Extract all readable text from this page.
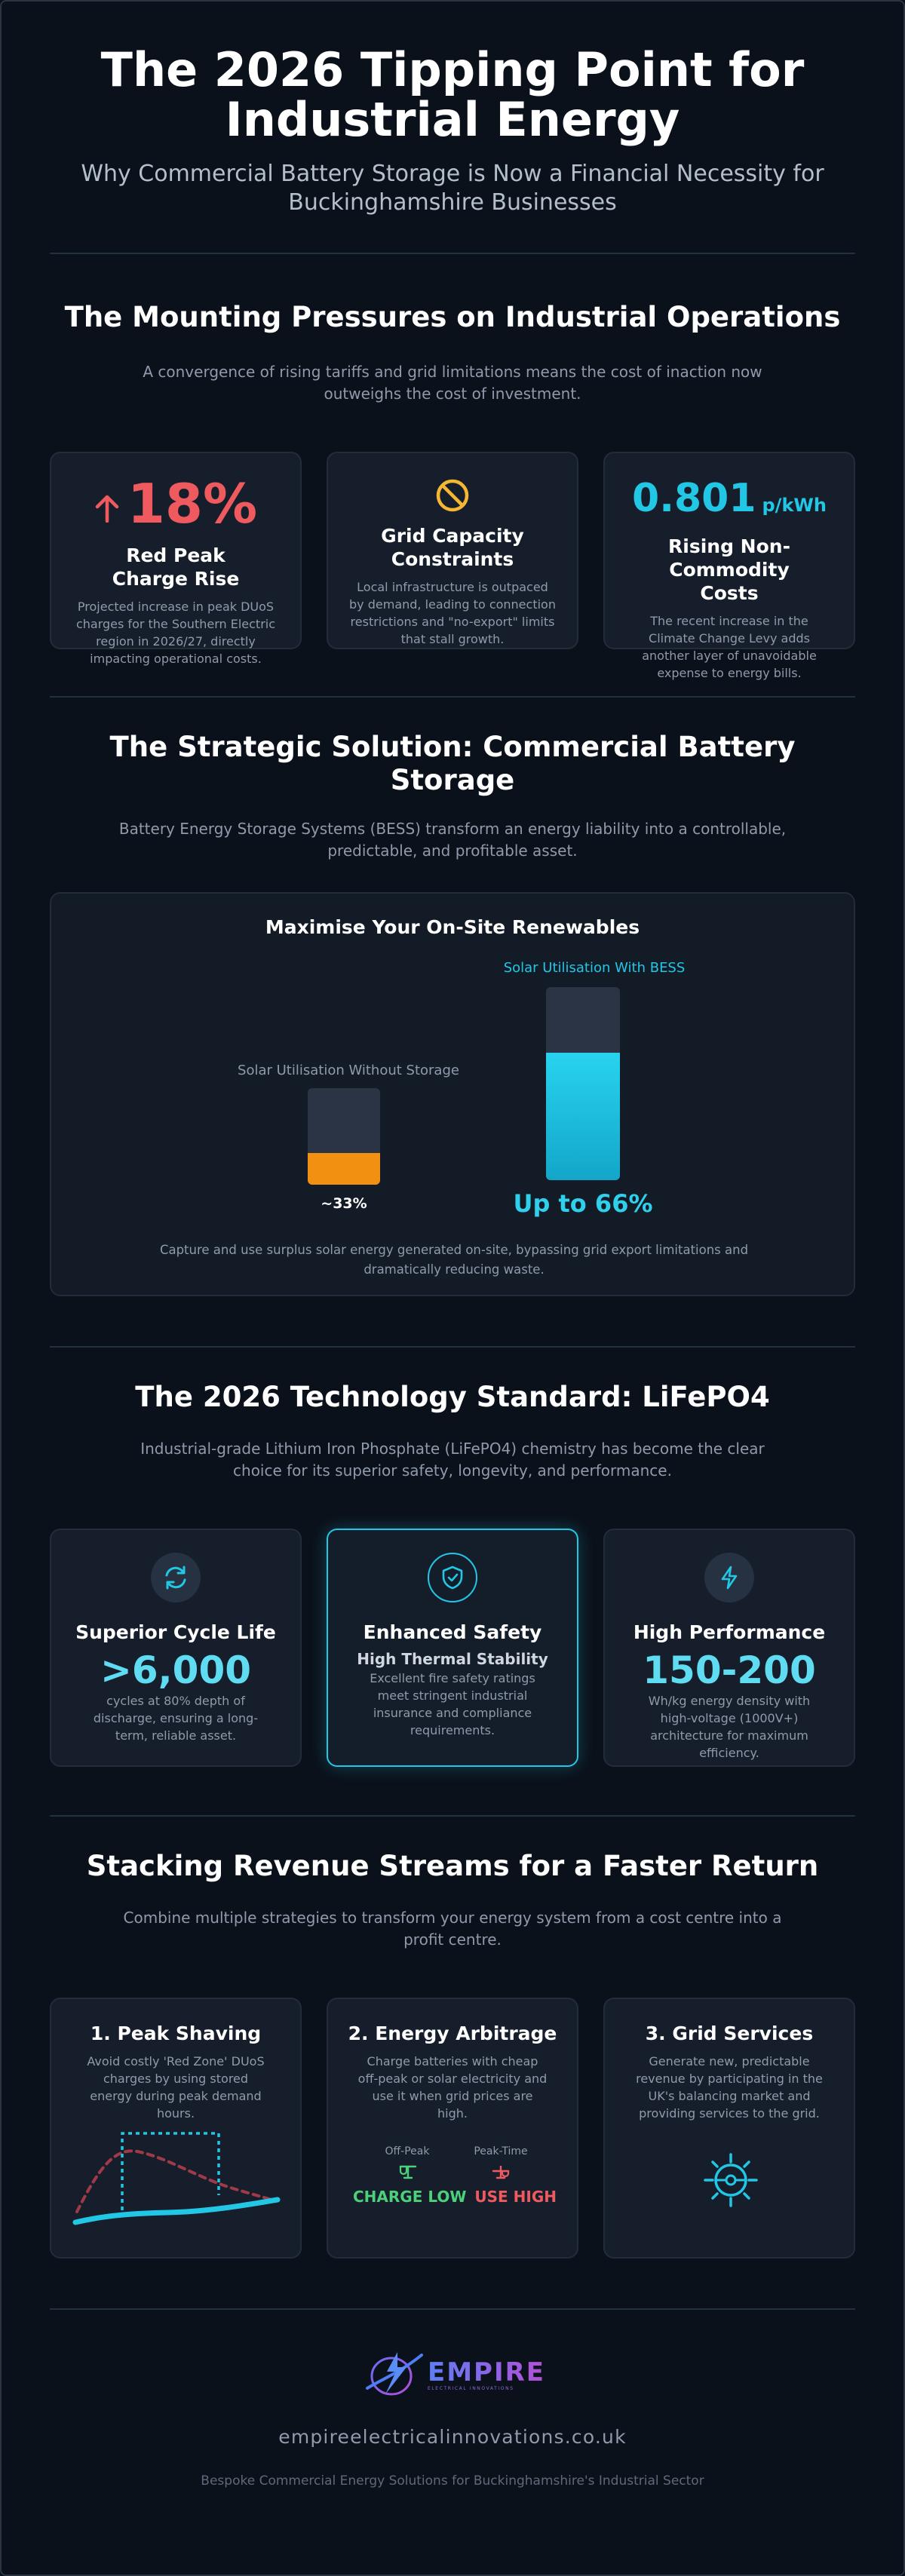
The 2026 Tipping Point for
Industrial Energy
Why Commercial Battery Storage is Now a Financial Necessity for
Buckinghamshire Businesses
The Mounting Pressures on Industrial Operations

A convergence of rising tariffs and grid limitations means the cost of inaction now outweighs the cost of investment.

18%
Red Peak Charge Rise
Projected increase in peak DUoS charges for the Southern Electric region in 2026/27, directly impacting operational costs.
Grid Capacity Constraints
Local infrastructure is outpaced by demand, leading to connection restrictions and "no-export" limits that stall growth.
0.801 p/kWh
Rising Non-Commodity Costs
The recent increase in the Climate Change Levy adds another layer of unavoidable expense to energy bills.
The Strategic Solution: Commercial Battery Storage

Battery Energy Storage Systems (BESS) transform an energy liability into a controllable, predictable, and profitable asset.

Maximise Your On-Site Renewables
Solar Utilisation Without Storage
~33%
Solar Utilisation With BESS
Up to 66%
Capture and use surplus solar energy generated on-site, bypassing grid export limitations and dramatically reducing waste.
The 2026 Technology Standard: LiFePO4

Industrial-grade Lithium Iron Phosphate (LiFePO4) chemistry has become the clear choice for its superior safety, longevity, and performance.

Superior Cycle Life
>6,000
cycles at 80% depth of discharge, ensuring a long-term, reliable asset.
Enhanced Safety
High Thermal Stability
Excellent fire safety ratings meet stringent industrial insurance and compliance requirements.
High Performance
150-200
Wh/kg energy density with high-voltage (1000V+) architecture for maximum efficiency.
Stacking Revenue Streams for a Faster Return

Combine multiple strategies to transform your energy system from a cost centre into a profit centre.

1. Peak Shaving
Avoid costly 'Red Zone' DUoS charges by using stored energy during peak demand hours.
2. Energy Arbitrage
Charge batteries with cheap off-peak or solar electricity and use it when grid prices are high.
Off-Peak	Peak-Time
CHARGE LOW USE HIGH
3. Grid Services
Generate new, predictable revenue by participating in the UK's balancing market and providing services to the grid.
EMPIRE
ELECTRICAL INNOVATIONS
empireelectricalinnovations.co.uk
Bespoke Commercial Energy Solutions for Buckinghamshire's Industrial Sector
